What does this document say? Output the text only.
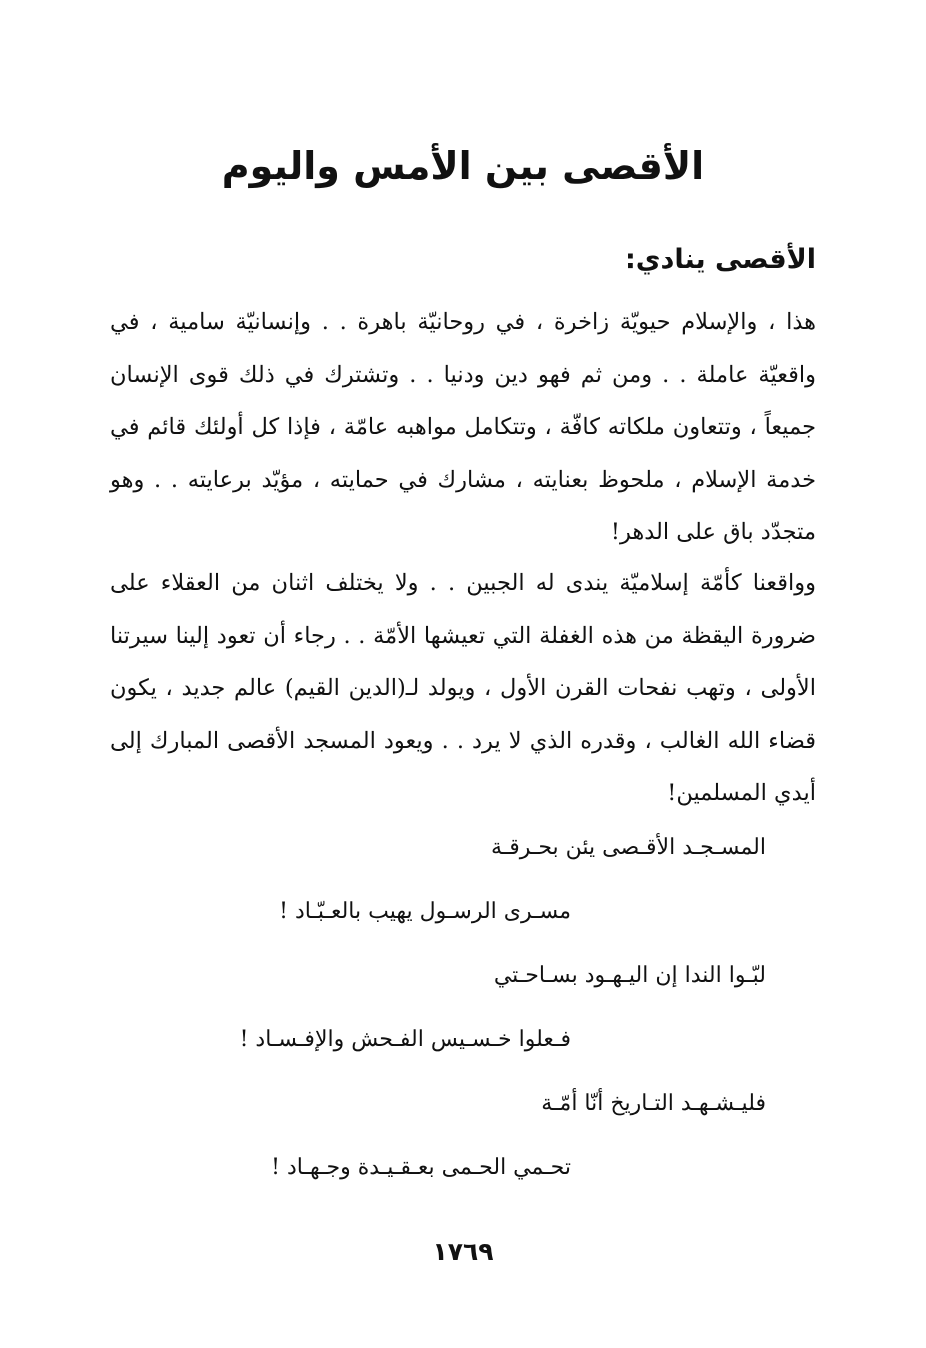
الأقصى بين الأمس واليوم
الأقصى ينادي:

هذا ، والإسلام حيويّة زاخرة ، في روحانيّة باهرة . . وإنسانيّة سامية ، في واقعيّة عاملة . . ومن ثم فهو دين ودنيا . . وتشترك في ذلك قوى الإنسان جميعاً ، وتتعاون ملكاته كافّة ، وتتكامل مواهبه عامّة ، فإذا كل أولئك قائم في خدمة الإسلام ، ملحوظ بعنايته ، مشارك في حمايته ، مؤيّد برعايته . . وهو متجدّد باق على الدهر!

وواقعنا كأمّة إسلاميّة يندى له الجبين . . ولا يختلف اثنان من العقلاء على ضرورة اليقظة من هذه الغفلة التي تعيشها الأمّة . . رجاء أن تعود إلينا سيرتنا الأولى ، وتهب نفحات القرن الأول ، ويولد لـ(الدين القيم) عالم جديد ، يكون قضاء الله الغالب ، وقدره الذي لا يرد . . ويعود المسجد الأقصى المبارك إلى أيدي المسلمين!

المسـجـد الأقـصى يئن بحـرقـة

مسـرى الرسـول يهيب بالعـبّـاد !

لبّـوا الندا إن اليـهـود بسـاحـتي

فـعلوا خـسـيس الفـحش والإفـسـاد !

فليـشـهـد التـاريخ أنّا أمّـة

تحـمي الحـمى بعـقـيـدة وجـهـاد !

١٧٦٩
